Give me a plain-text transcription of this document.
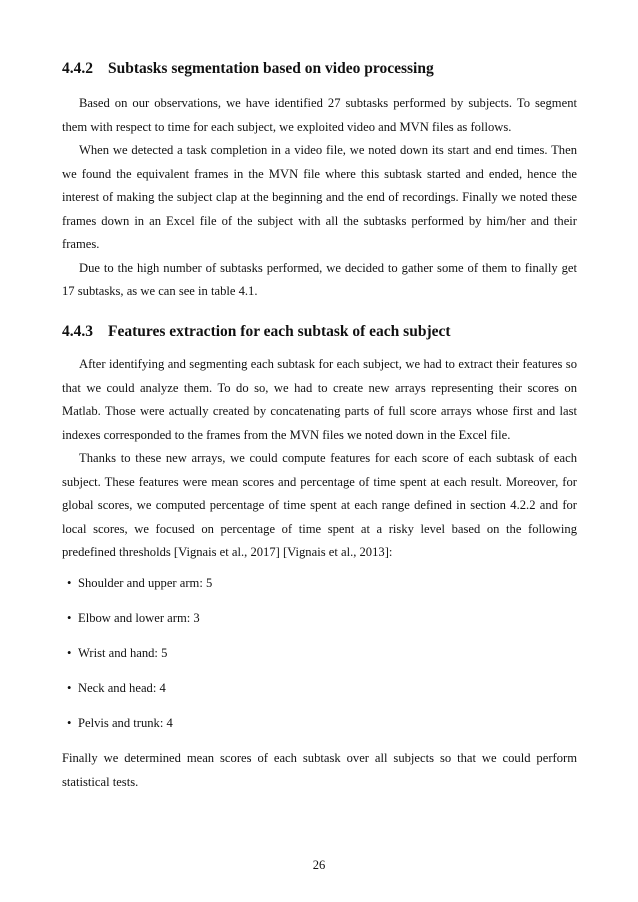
4.4.2 Subtasks segmentation based on video processing

Based on our observations, we have identified 27 subtasks performed by subjects. To segment them with respect to time for each subject, we exploited video and MVN files as follows.

When we detected a task completion in a video file, we noted down its start and end times. Then we found the equivalent frames in the MVN file where this subtask started and ended, hence the interest of making the subject clap at the beginning and the end of recordings. Finally we noted these frames down in an Excel file of the subject with all the subtasks performed by him/her and their frames.

Due to the high number of subtasks performed, we decided to gather some of them to finally get 17 subtasks, as we can see in table 4.1.

4.4.3 Features extraction for each subtask of each subject

After identifying and segmenting each subtask for each subject, we had to extract their features so that we could analyze them. To do so, we had to create new arrays representing their scores on Matlab. Those were actually created by concatenating parts of full score arrays whose first and last indexes corresponded to the frames from the MVN files we noted down in the Excel file.

Thanks to these new arrays, we could compute features for each score of each subtask of each subject. These features were mean scores and percentage of time spent at each result. Moreover, for global scores, we computed percentage of time spent at each range defined in section 4.2.2 and for local scores, we focused on percentage of time spent at a risky level based on the following predefined thresholds [Vignais et al., 2017] [Vignais et al., 2013]:

• Shoulder and upper arm: 5
• Elbow and lower arm: 3
• Wrist and hand: 5
• Neck and head: 4
• Pelvis and trunk: 4

Finally we determined mean scores of each subtask over all subjects so that we could perform statistical tests.

26
